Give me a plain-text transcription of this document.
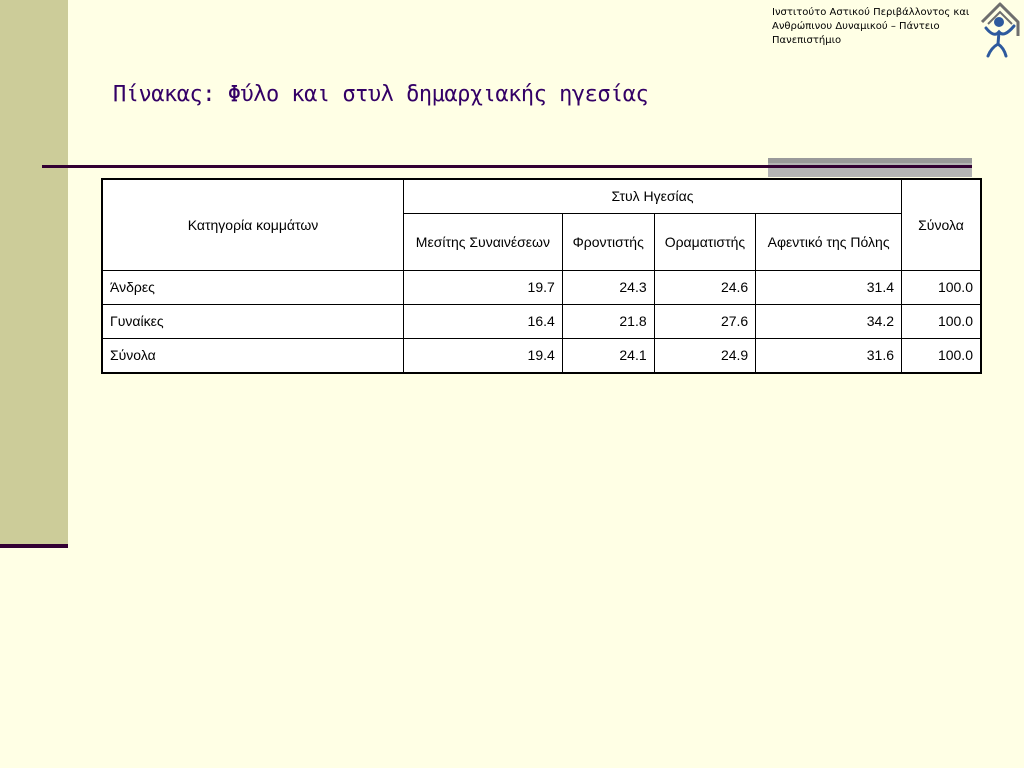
Ινστιτούτο Αστικού Περιβάλλοντος και Ανθρώπινου Δυναμικού – Πάντειο Πανεπιστήμιο
Πίνακας: Φύλο και στυλ δημαρχιακής ηγεσίας
Κατηγορία κομμάτων	Στυλ Ηγεσίας				Σύνολα
	Μεσίτης Συναινέσεων	Φροντιστής	Οραματιστής	Αφεντικό της Πόλης	
Άνδρες	19.7	24.3	24.6	31.4	100.0
Γυναίκες	16.4	21.8	27.6	34.2	100.0
Σύνολα	19.4	24.1	24.9	31.6	100.0
